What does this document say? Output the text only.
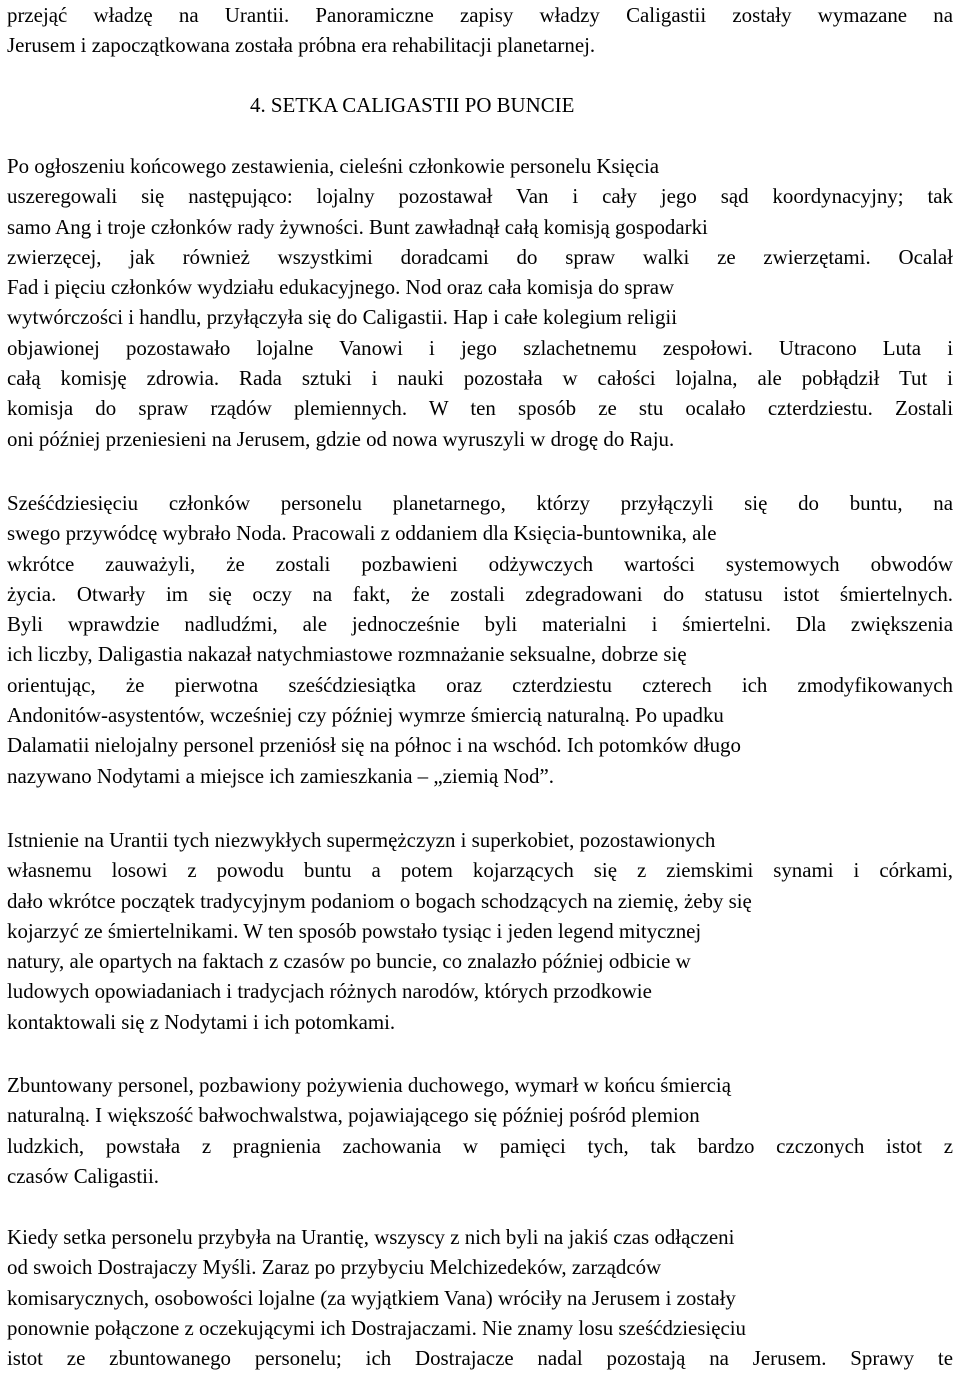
przejąć władzę na Urantii. Panoramiczne zapisy władzy Caligastii zostały wymazane na
Jerusem i zapoczątkowana została próbna era rehabilitacji planetarnej.
4. SETKA CALIGASTII PO BUNCIE
Po ogłoszeniu końcowego zestawienia, cieleśni członkowie personelu Księcia
uszeregowali się następująco: lojalny pozostawał Van i cały jego sąd koordynacyjny; tak
samo Ang i troje członków rady żywności. Bunt zawładnął całą komisją gospodarki
zwierzęcej, jak również wszystkimi doradcami do spraw walki ze zwierzętami. Ocalał
Fad i pięciu członków wydziału edukacyjnego. Nod oraz cała komisja do spraw
wytwórczości i handlu, przyłączyła się do Caligastii. Hap i całe kolegium religii
objawionej pozostawało lojalne Vanowi i jego szlachetnemu zespołowi. Utracono Luta i
całą komisję zdrowia. Rada sztuki i nauki pozostała w całości lojalna, ale pobłądził Tut i
komisja do spraw rządów plemiennych. W ten sposób ze stu ocalało czterdziestu. Zostali
oni później przeniesieni na Jerusem, gdzie od nowa wyruszyli w drogę do Raju.
Sześćdziesięciu członków personelu planetarnego, którzy przyłączyli się do buntu, na
swego przywódcę wybrało Noda. Pracowali z oddaniem dla Księcia-buntownika, ale
wkrótce zauważyli, że zostali pozbawieni odżywczych wartości systemowych obwodów
życia. Otwarły im się oczy na fakt, że zostali zdegradowani do statusu istot śmiertelnych.
Byli wprawdzie nadludźmi, ale jednocześnie byli materialni i śmiertelni. Dla zwiększenia
ich liczby, Daligastia nakazał natychmiastowe rozmnażanie seksualne, dobrze się
orientując, że pierwotna sześćdziesiątka oraz czterdziestu czterech ich zmodyfikowanych
Andonitów-asystentów, wcześniej czy później wymrze śmiercią naturalną. Po upadku
Dalamatii nielojalny personel przeniósł się na północ i na wschód. Ich potomków długo
nazywano Nodytami a miejsce ich zamieszkania – „ziemią Nod”.
Istnienie na Urantii tych niezwykłych supermężczyzn i superkobiet, pozostawionych
własnemu losowi z powodu buntu a potem kojarzących się z ziemskimi synami i córkami,
dało wkrótce początek tradycyjnym podaniom o bogach schodzących na ziemię, żeby się
kojarzyć ze śmiertelnikami. W ten sposób powstało tysiąc i jeden legend mitycznej
natury, ale opartych na faktach z czasów po buncie, co znalazło później odbicie w
ludowych opowiadaniach i tradycjach różnych narodów, których przodkowie
kontaktowali się z Nodytami i ich potomkami.
Zbuntowany personel, pozbawiony pożywienia duchowego, wymarł w końcu śmiercią
naturalną. I większość bałwochwalstwa, pojawiającego się później pośród plemion
ludzkich, powstała z pragnienia zachowania w pamięci tych, tak bardzo czczonych istot z
czasów Caligastii.
Kiedy setka personelu przybyła na Urantię, wszyscy z nich byli na jakiś czas odłączeni
od swoich Dostrajaczy Myśli. Zaraz po przybyciu Melchizedeków, zarządców
komisarycznych, osobowości lojalne (za wyjątkiem Vana) wróciły na Jerusem i zostały
ponownie połączone z oczekującymi ich Dostrajaczami. Nie znamy losu sześćdziesięciu
istot ze zbuntowanego personelu; ich Dostrajacze nadal pozostają na Jerusem. Sprawy te
